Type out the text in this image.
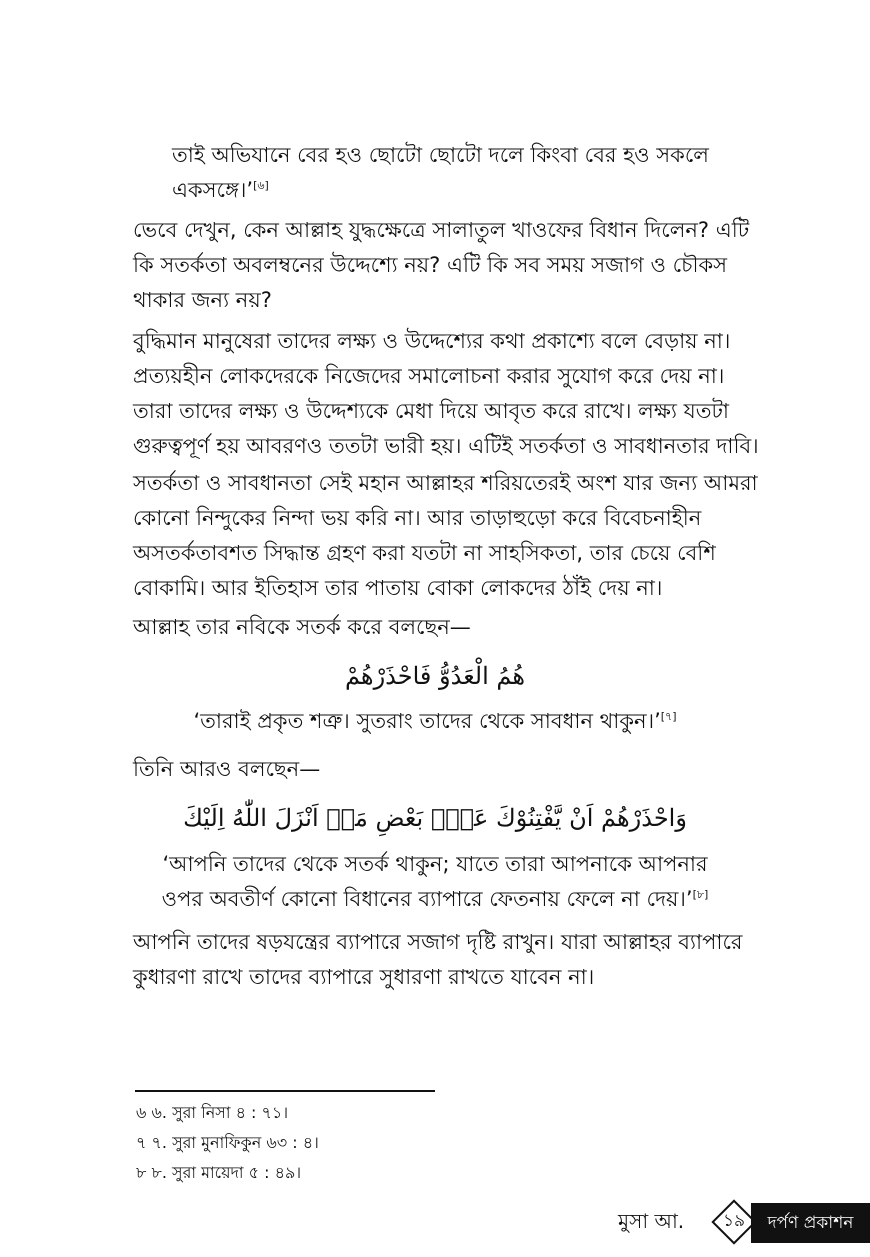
তাই অভিযানে বের হও ছোটো ছোটো দলে কিংবা বের হও সকলে
একসঙ্গে।’[৬]

ভেবে দেখুন, কেন আল্লাহ যুদ্ধক্ষেত্রে সালাতুল খাওফের বিধান দিলেন? এটি
কি সতর্কতা অবলম্বনের উদ্দেশ্যে নয়? এটি কি সব সময় সজাগ ও চৌকস
থাকার জন্য নয়?

বুদ্ধিমান মানুষেরা তাদের লক্ষ্য ও উদ্দেশ্যের কথা প্রকাশ্যে বলে বেড়ায় না।
প্রত্যয়হীন লোকদেরকে নিজেদের সমালোচনা করার সুযোগ করে দেয় না।
তারা তাদের লক্ষ্য ও উদ্দেশ্যকে মেধা দিয়ে আবৃত করে রাখে। লক্ষ্য যতটা
গুরুত্বপূর্ণ হয় আবরণও ততটা ভারী হয়। এটিই সতর্কতা ও সাবধানতার দাবি।

সতর্কতা ও সাবধানতা সেই মহান আল্লাহর শরিয়তেরই অংশ যার জন্য আমরা
কোনো নিন্দুকের নিন্দা ভয় করি না। আর তাড়াহুড়ো করে বিবেচনাহীন
অসতর্কতাবশত সিদ্ধান্ত গ্রহণ করা যতটা না সাহসিকতা, তার চেয়ে বেশি
বোকামি। আর ইতিহাস তার পাতায় বোকা লোকদের ঠাঁই দেয় না।

আল্লাহ তার নবিকে সতর্ক করে বলছেন—

هُمُ الْعَدُوُّ فَاحْذَرْهُمْ

‘তারাই প্রকৃত শত্রু। সুতরাং তাদের থেকে সাবধান থাকুন।’[৭]

তিনি আরও বলছেন—

وَاحْذَرْهُمْ اَنْ يَّفْتِنُوْكَ عَنْۢ بَعْضِ مَاۤ اَنْزَلَ اللّٰهُ اِلَيْكَ

‘আপনি তাদের থেকে সতর্ক থাকুন; যাতে তারা আপনাকে আপনার
ওপর অবতীর্ণ কোনো বিধানের ব্যাপারে ফেতনায় ফেলে না দেয়।’[৮]

আপনি তাদের ষড়যন্ত্রের ব্যাপারে সজাগ দৃষ্টি রাখুন। যারা আল্লাহর ব্যাপারে
কুধারণা রাখে তাদের ব্যাপারে সুধারণা রাখতে যাবেন না।

৬ ৬. সুরা নিসা ৪ : ৭১।
৭ ৭. সুরা মুনাফিকুন ৬৩ : ৪।
৮ ৮. সুরা মায়েদা ৫ : ৪৯।
মুসা আ. ১৯	দর্পণ প্রকাশন
